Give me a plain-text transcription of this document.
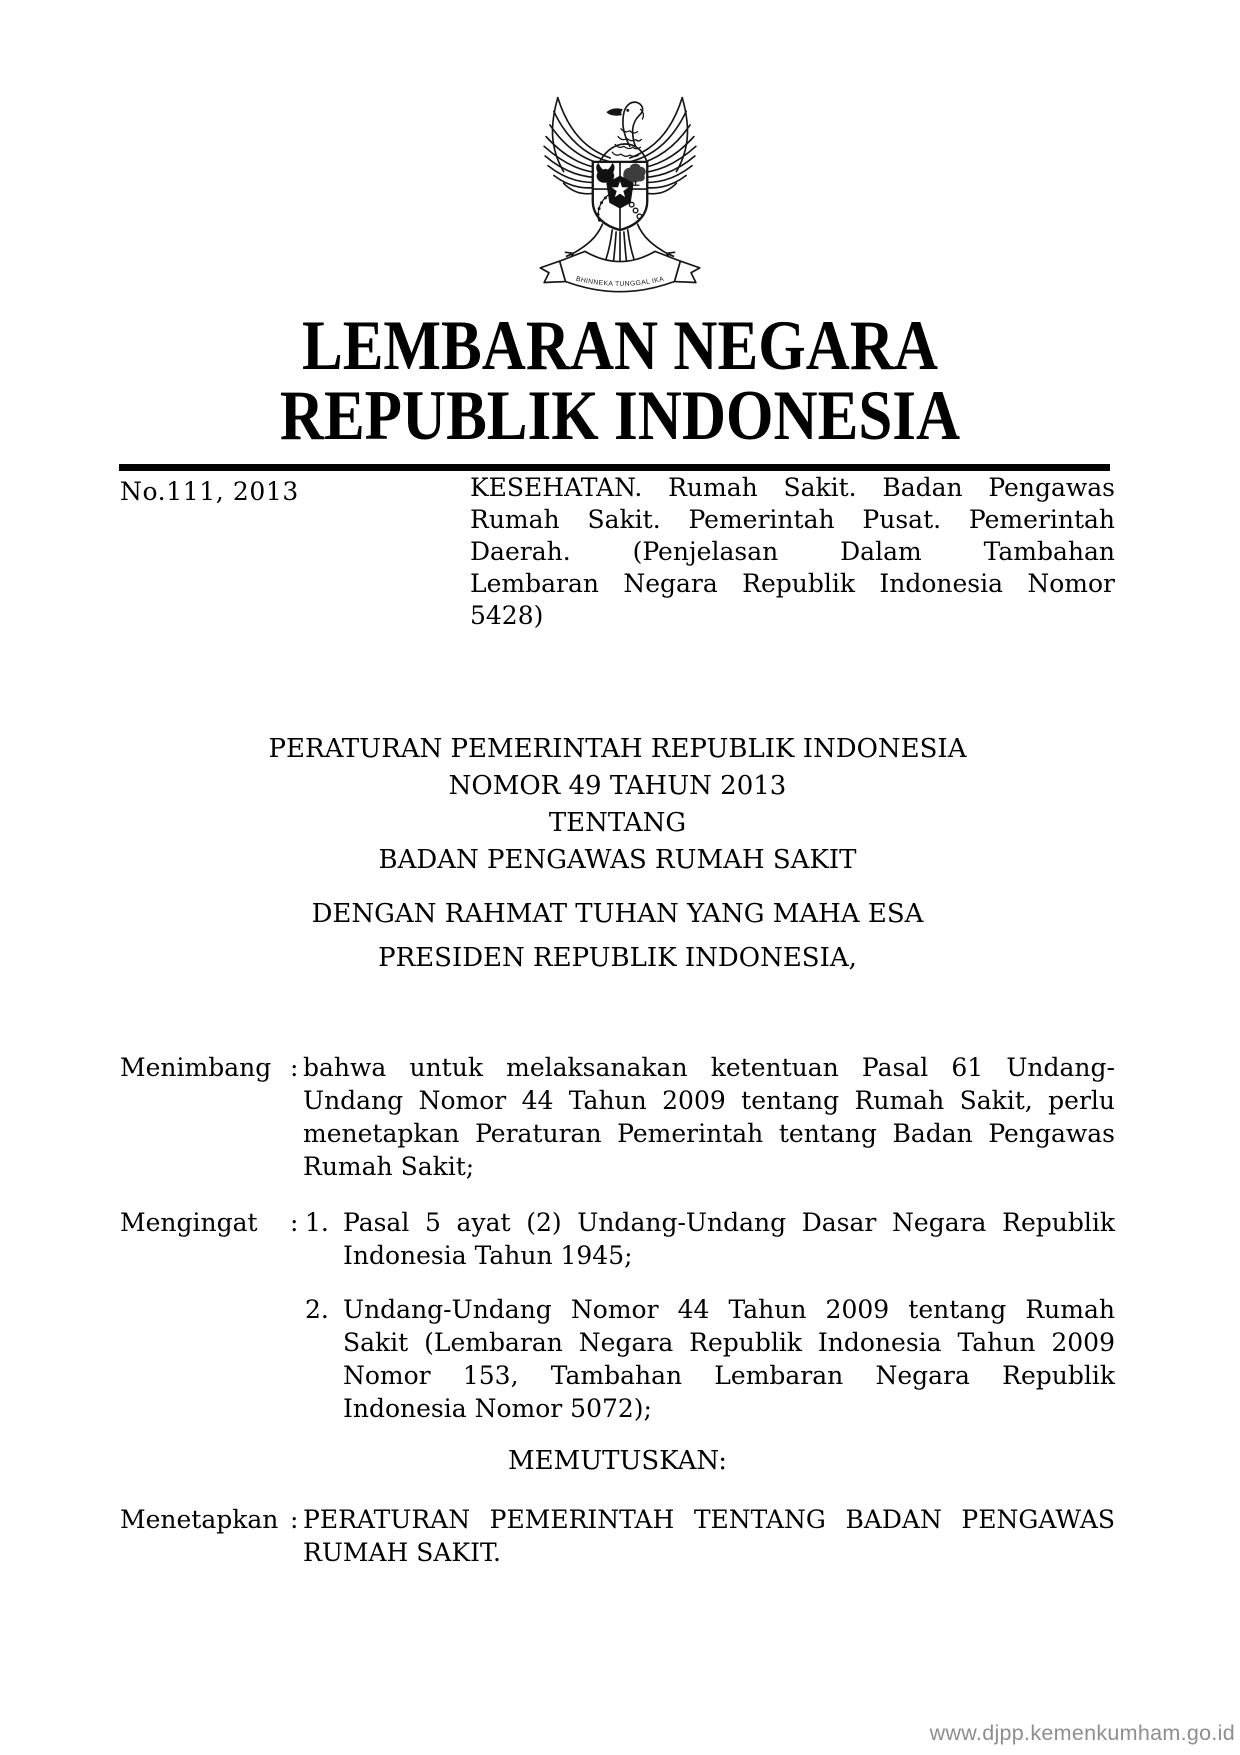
BHINNEKA TUNGGAL IKA
LEMBARAN NEGARA
REPUBLIK INDONESIA
No.111, 2013	KESEHATAN. Rumah Sakit. Badan Pengawas
Rumah Sakit. Pemerintah Pusat. Pemerintah
Daerah. (Penjelasan Dalam Tambahan
Lembaran Negara Republik Indonesia Nomor
5428)
PERATURAN PEMERINTAH REPUBLIK INDONESIA
NOMOR 49 TAHUN 2013
TENTANG
BADAN PENGAWAS RUMAH SAKIT
DENGAN RAHMAT TUHAN YANG MAHA ESA
PRESIDEN REPUBLIK INDONESIA,
Menimbang : bahwa untuk melaksanakan ketentuan Pasal 61 Undang-
Undang Nomor 44 Tahun 2009 tentang Rumah Sakit, perlu
menetapkan Peraturan Pemerintah tentang Badan Pengawas
Rumah Sakit;
Mengingat	: 1. Pasal 5 ayat (2) Undang-Undang Dasar Negara Republik
Indonesia Tahun 1945;
2. Undang-Undang Nomor 44 Tahun 2009 tentang Rumah
Sakit (Lembaran Negara Republik Indonesia Tahun 2009
Nomor 153, Tambahan Lembaran Negara Republik
Indonesia Nomor 5072);
MEMUTUSKAN:
Menetapkan : PERATURAN PEMERINTAH TENTANG BADAN PENGAWAS
RUMAH SAKIT.
www.djpp.kemenkumham.go.id
